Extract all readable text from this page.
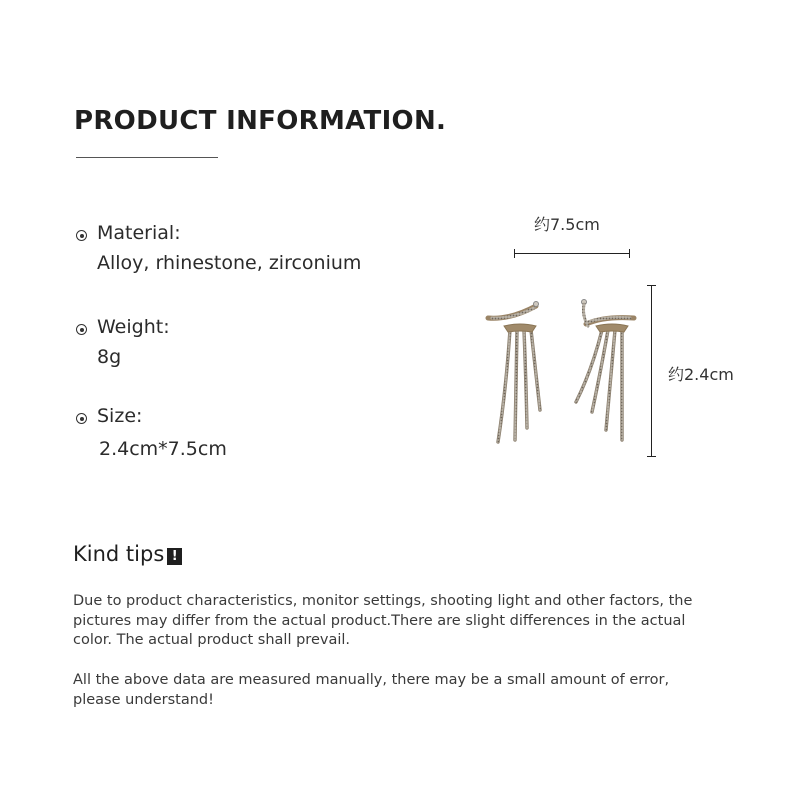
PRODUCT INFORMATION.
Material:
Alloy, rhinestone, zirconium
Weight:
8g
Size:
2.4cm*7.5cm
约7.5cm
约2.4cm
Kind tips !

Due to product characteristics, monitor settings, shooting light and other factors, the pictures may differ from the actual product.There are slight differences in the actual color. The actual product shall prevail.

All the above data are measured manually, there may be a small amount of error, please understand!
